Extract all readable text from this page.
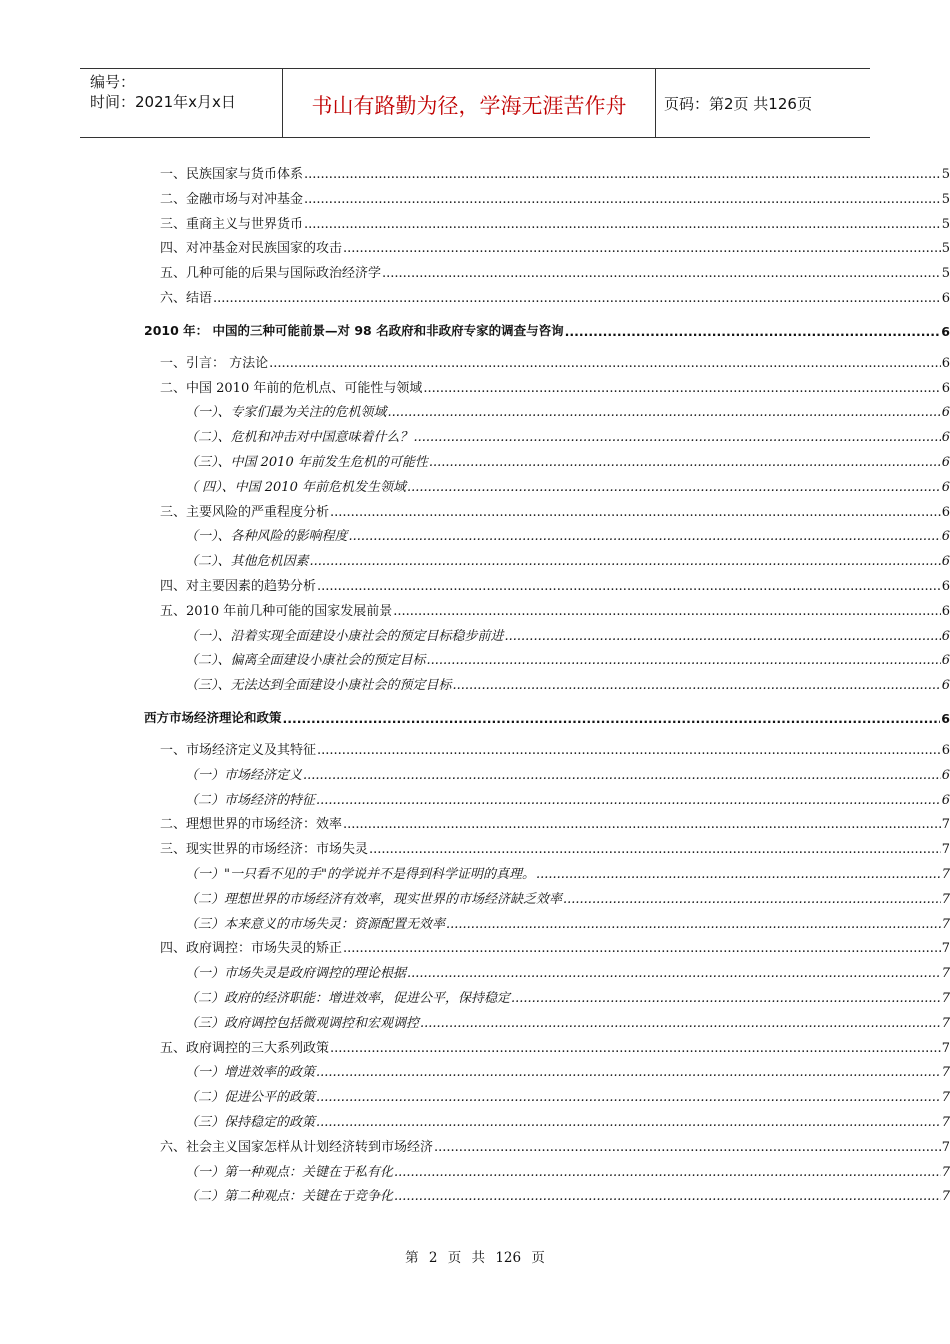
编号：
时间：2021年x月x日	书山有路勤为径，学海无涯苦作舟	页码：第2页 共126页
一、民族国家与货币体系 .....	5
二、金融市场与对冲基金 .....	5
三、重商主义与世界货币 .....	5
四、对冲基金对民族国家的攻击 .....	5
五、几种可能的后果与国际政治经济学 .....	5
六、结语 .....	6
2010 年： 中国的三种可能前景—对 98 名政府和非政府专家的调查与咨询 .....	6
一、引言： 方法论 .....	6
二、中国 2010 年前的危机点、可能性与领域 .....	6
（一）、专家们最为关注的危机领域 .....	6
（二）、危机和冲击对中国意味着什么？ .....	6
（三）、中国 2010 年前发生危机的可能性 .....	6
（ 四）、中国 2010 年前危机发生领域 .....	6
三、主要风险的严重程度分析 .....	6
（一）、各种风险的影响程度 .....	6
（二）、其他危机因素 .....	6
四、对主要因素的趋势分析 .....	6
五、2010 年前几种可能的国家发展前景 .....	6
（一）、沿着实现全面建设小康社会的预定目标稳步前进 .....	6
（二）、偏离全面建设小康社会的预定目标 .....	6
（三）、无法达到全面建设小康社会的预定目标 .....	6
西方市场经济理论和政策 .....	6
一、市场经济定义及其特征 .....	6
（一）市场经济定义 .....	6
（二）市场经济的特征 .....	6
二、理想世界的市场经济：效率 .....	7
三、现实世界的市场经济：市场失灵 .....	7
（一）"一只看不见的手"的学说并不是得到科学证明的真理。 .....	7
（二）理想世界的市场经济有效率，现实世界的市场经济缺乏效率 .....	7
（三）本来意义的市场失灵：资源配置无效率 .....	7
四、政府调控：市场失灵的矫正 .....	7
（一）市场失灵是政府调控的理论根据 .....	7
（二）政府的经济职能：增进效率，促进公平，保持稳定 .....	7
（三）政府调控包括微观调控和宏观调控 .....	7
五、政府调控的三大系列政策 .....	7
（一）增进效率的政策 .....	7
（二）促进公平的政策 .....	7
（三）保持稳定的政策 .....	7
六、社会主义国家怎样从计划经济转到市场经济 .....	7
（一）第一种观点：关键在于私有化 .....	7
（二）第二种观点：关键在于竞争化 .....	7
第 2 页 共 126 页
